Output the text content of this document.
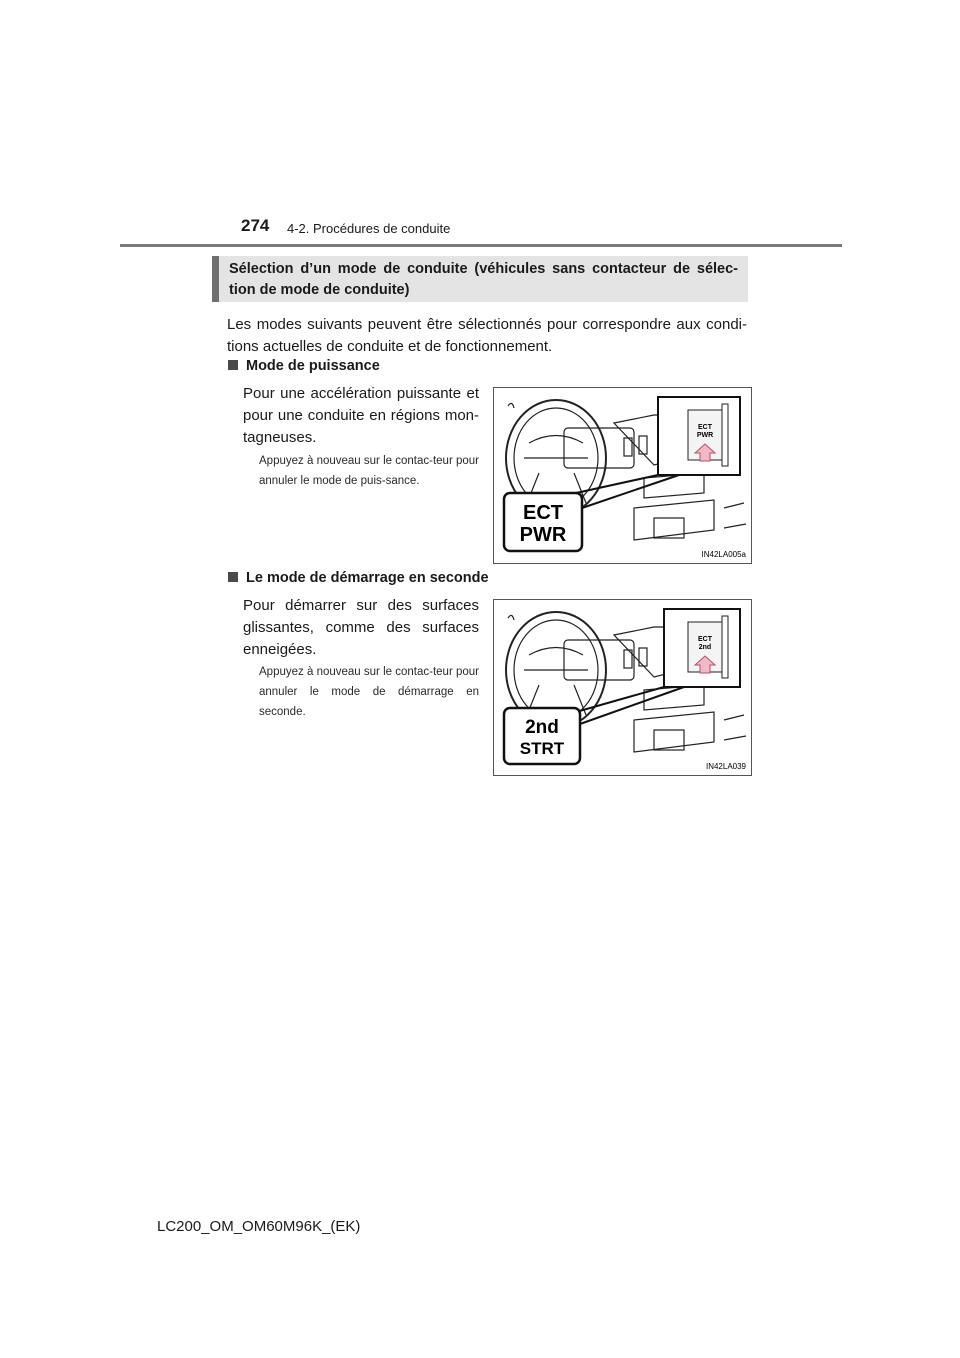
274 4-2. Procédures de conduite
Sélection d’un mode de conduite (véhicules sans contacteur de sélec-tion de mode de conduite)
Les modes suivants peuvent être sélectionnés pour correspondre aux condi-tions actuelles de conduite et de fonctionnement.
Mode de puissance
Pour une accélération puissante et pour une conduite en régions mon-tagneuses.
Appuyez à nouveau sur le contac-teur pour annuler le mode de puis-sance.
ECT
PWR
ECT
PWR
IN42LA005a
Le mode de démarrage en seconde
Pour démarrer sur des surfaces glissantes, comme des surfaces enneigées.
Appuyez à nouveau sur le contac-teur pour annuler le mode de démarrage en seconde.
ECT
2nd
2nd
STRT
IN42LA039
LC200_OM_OM60M96K_(EK)
